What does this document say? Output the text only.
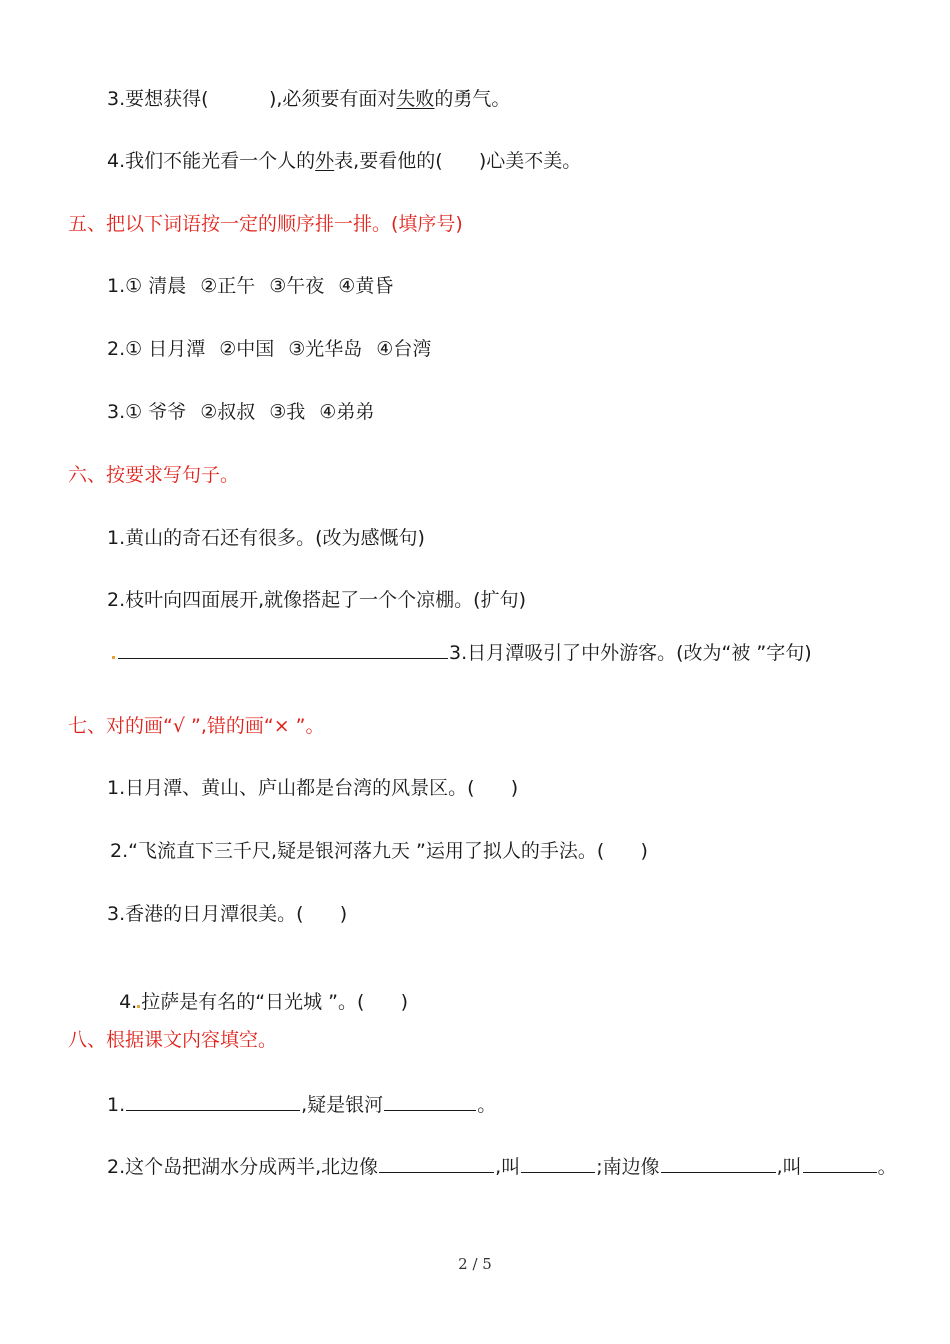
3.要想获得(	),必须要有面对失败的勇气。
4.我们不能光看一个人的外表,要看他的( )心美不美。
五、把以下词语按一定的顺序排一排。(填序号)
1.① 清晨 ②正午 ③午夜 ④黄昏
2.① 日月潭 ②中国 ③光华岛 ④台湾
3.① 爷爷 ②叔叔 ③我 ④弟弟
六、按要求写句子。
1.黄山的奇石还有很多。(改为感慨句)
2.枝叶向四面展开,就像搭起了一个个凉棚。(扩句)
3.日月潭吸引了中外游客。(改为“被 ”字句)
七、对的画“√ ”,错的画“× ”。
1.日月潭、黄山、庐山都是台湾的风景区。(      )
2.“飞流直下三千尺,疑是银河落九天 ”运用了拟人的手法。(      )
3.香港的日月潭很美。(      )

4. 拉萨是有名的“日光城 ”。(      )

八、根据课文内容填空。
1.	,疑是银河	。
2.这个岛把湖水分成两半,北边像	,叫	;南边像	,叫	。
2 / 5
